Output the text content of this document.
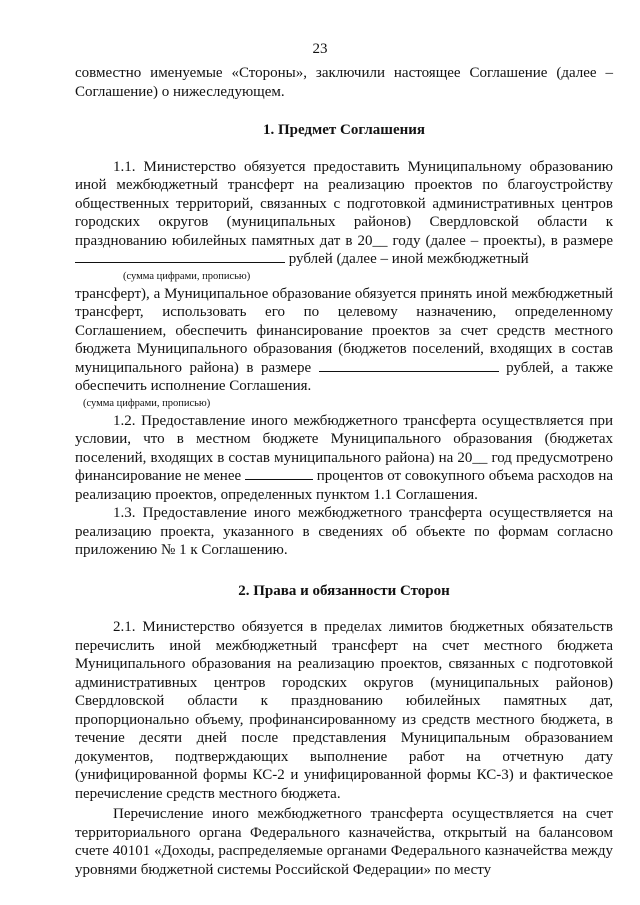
23

совместно именуемые «Стороны», заключили настоящее Соглашение (далее – Соглашение) о нижеследующем.

1. Предмет Соглашения

1.1. Министерство обязуется предоставить Муниципальному образованию иной межбюджетный трансферт на реализацию проектов по благоустройству общественных территорий, связанных с подготовкой административных центров городских округов (муниципальных районов) Свердловской области к празднованию юбилейных памятных дат в 20__ году (далее – проекты), в размере  рублей (далее – иной межбюджетный

(сумма цифрами, прописью)

трансферт), а Муниципальное образование обязуется принять иной межбюджетный трансферт, использовать его по целевому назначению, определенному Соглашением, обеспечить финансирование проектов за счет средств местного бюджета Муниципального образования (бюджетов поселений, входящих в состав муниципального района) в размере	рублей, а также обеспечить исполнение Соглашения.

(сумма цифрами, прописью)

1.2. Предоставление иного межбюджетного трансферта осуществляется при условии, что в местном бюджете Муниципального образования (бюджетах поселений, входящих в состав муниципального района) на 20__ год предусмотрено финансирование не менее	процентов от совокупного объема расходов на реализацию проектов, определенных пунктом 1.1 Соглашения.

1.3. Предоставление иного межбюджетного трансферта осуществляется на реализацию проекта, указанного в сведениях об объекте по формам согласно приложению № 1 к Соглашению.

2. Права и обязанности Сторон

2.1. Министерство обязуется в пределах лимитов бюджетных обязательств перечислить иной межбюджетный трансферт на счет местного бюджета Муниципального образования на реализацию проектов, связанных с подготовкой административных центров городских округов (муниципальных районов) Свердловской области к празднованию юбилейных памятных дат, пропорционально объему, профинансированному из средств местного бюджета, в течение десяти дней после представления Муниципальным образованием документов, подтверждающих выполнение работ на отчетную дату (унифицированной формы КС-2 и унифицированной формы КС-3) и фактическое перечисление средств местного бюджета.

Перечисление иного межбюджетного трансферта осуществляется на счет территориального органа Федерального казначейства, открытый на балансовом счете 40101 «Доходы, распределяемые органами Федерального казначейства между уровнями бюджетной системы Российской Федерации» по месту
